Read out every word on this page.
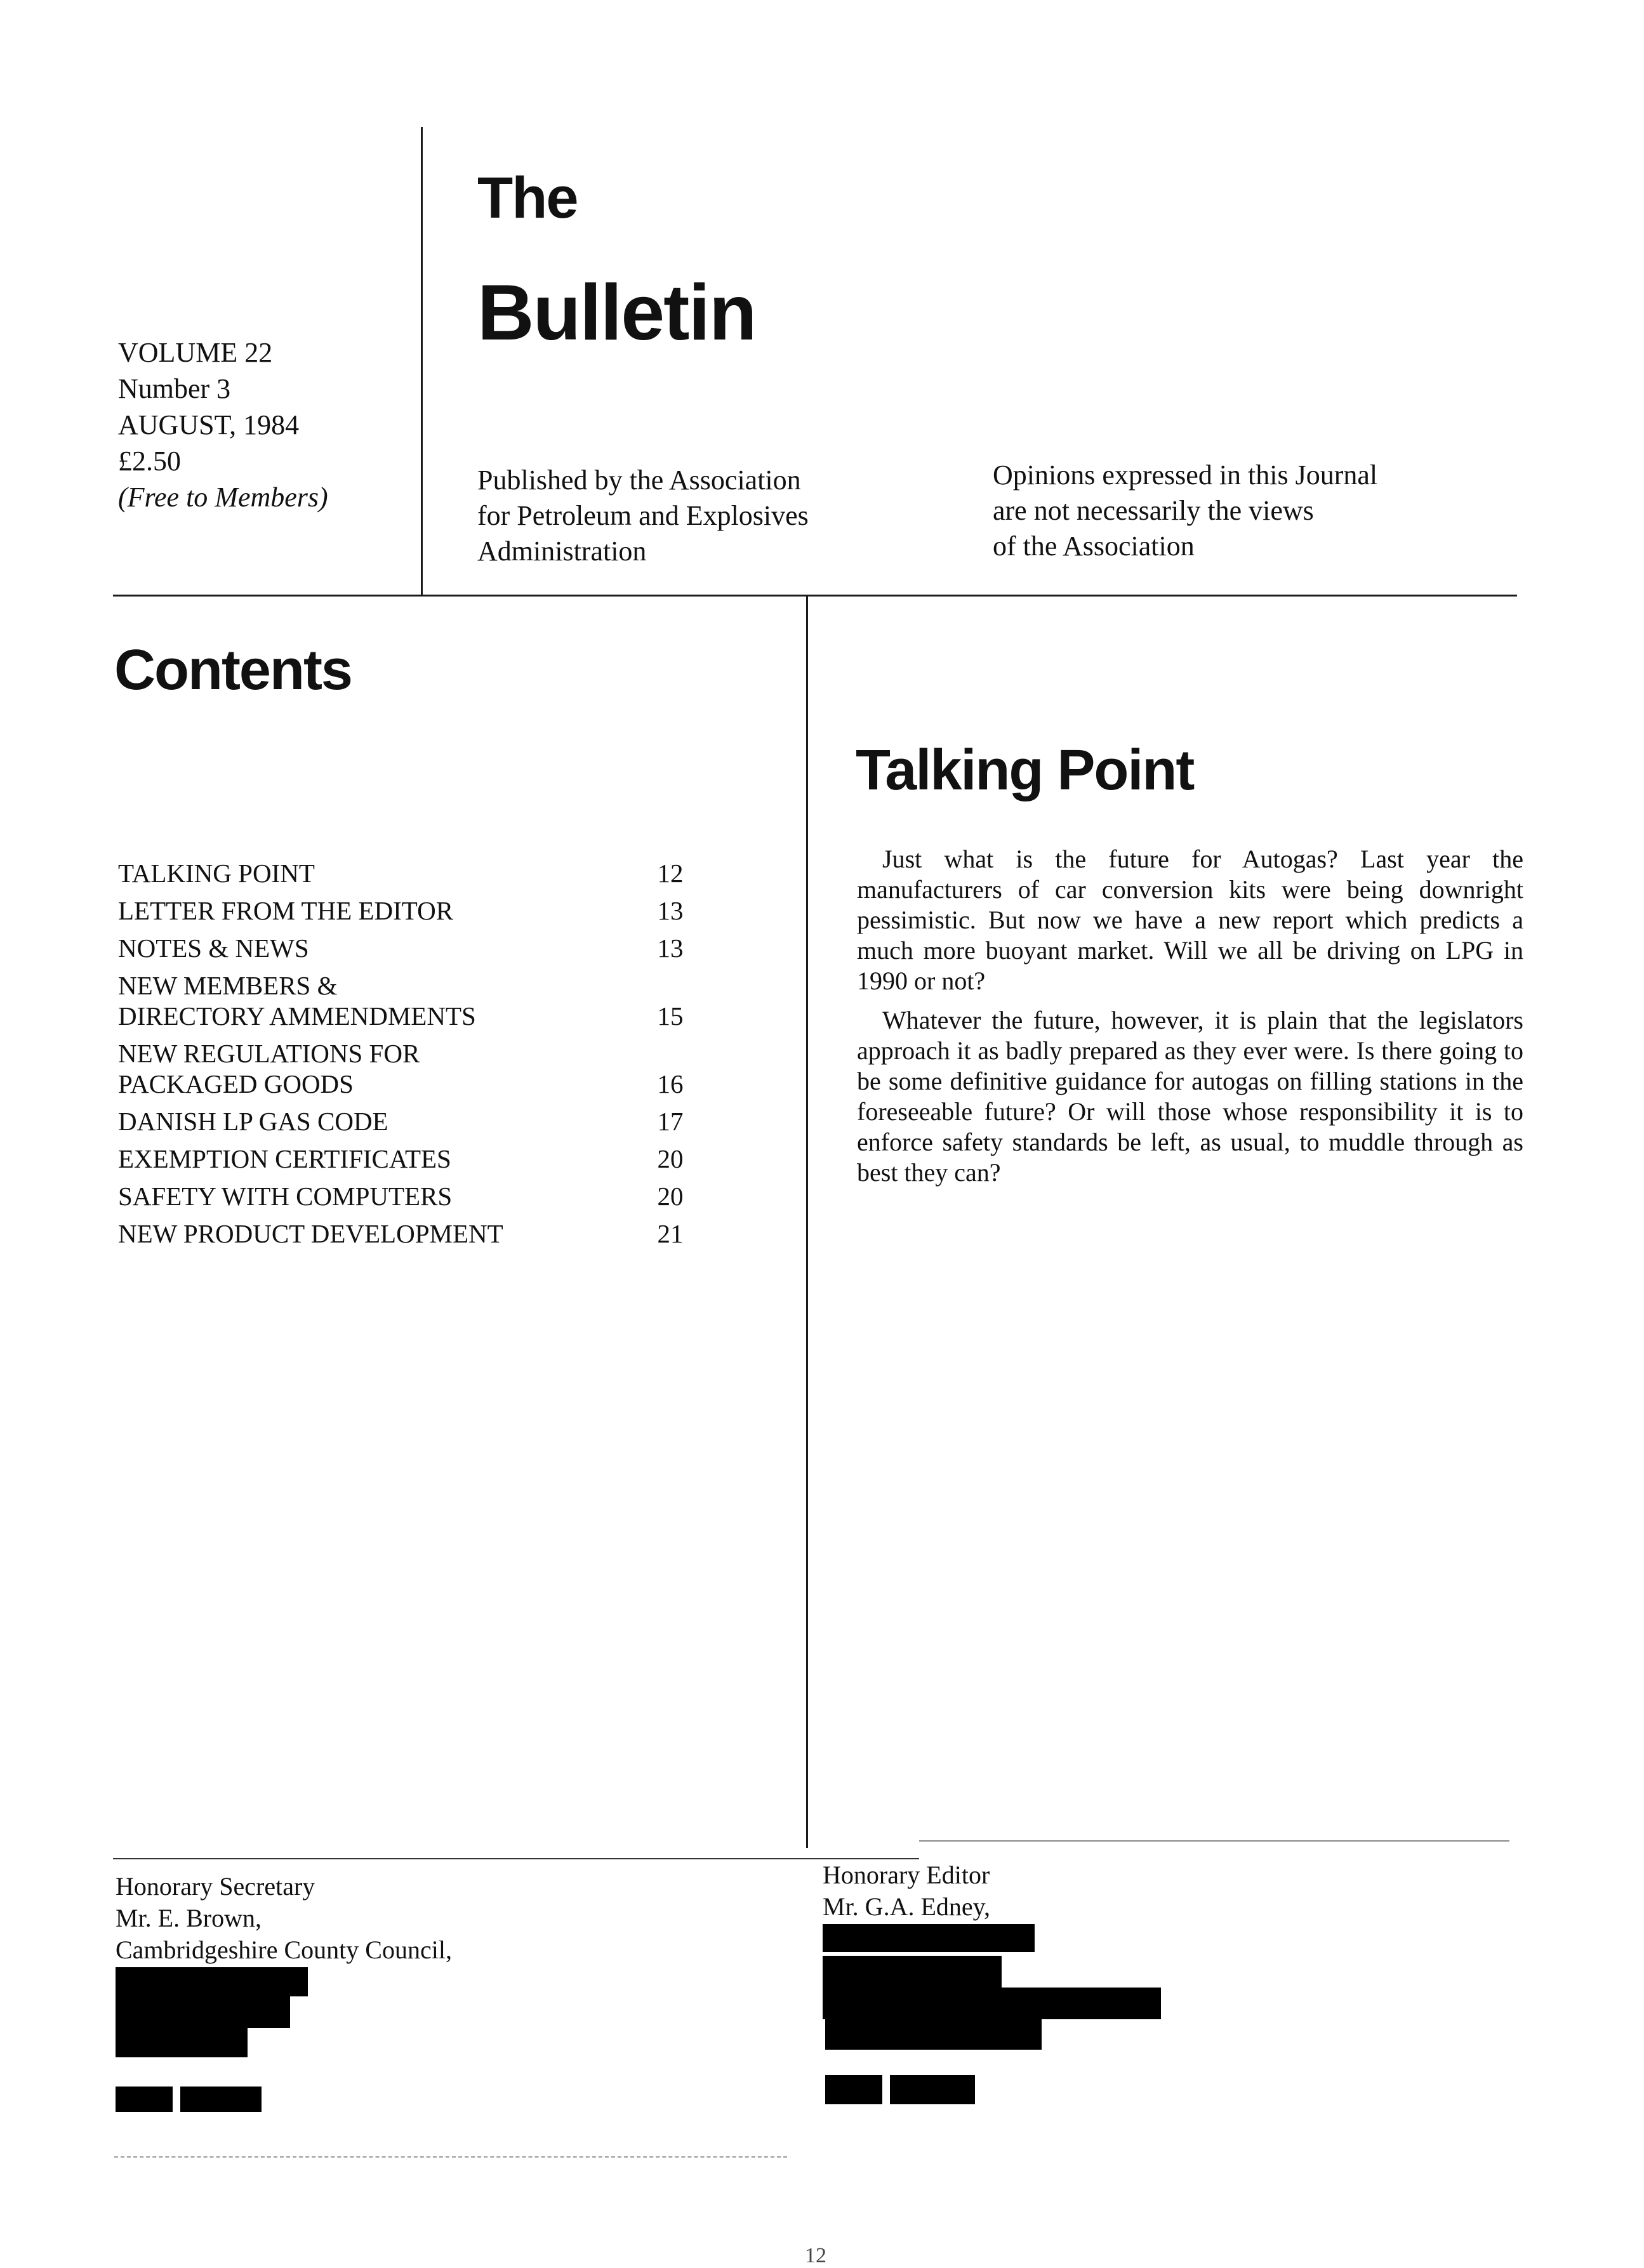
VOLUME 22
Number 3
AUGUST, 1984
£2.50
(Free to Members)
The
Bulletin
Published by the Association
for Petroleum and Explosives
Administration
Opinions expressed in this Journal
are not necessarily the views
of the Association
Contents
TALKING POINT	12
LETTER FROM THE EDITOR	13
NOTES & NEWS	13
NEW MEMBERS &
DIRECTORY AMMENDMENTS	15
NEW REGULATIONS FOR
PACKAGED GOODS	16
DANISH LP GAS CODE	17
EXEMPTION CERTIFICATES	20
SAFETY WITH COMPUTERS	20
NEW PRODUCT DEVELOPMENT	21
Talking Point

Just what is the future for Autogas? Last year the manufacturers of car conversion kits were being downright pessimistic. But now we have a new report which predicts a much more buoyant market. Will we all be driving on LPG in 1990 or not?

Whatever the future, however, it is plain that the legislators approach it as badly prepared as they ever were. Is there going to be some definitive guidance for autogas on filling stations in the foreseeable future? Or will those whose responsibility it is to enforce safety standards be left, as usual, to muddle through as best they can?

Honorary Secretary
Mr. E. Brown,
Cambridgeshire County Council,
Honorary Editor
Mr. G.A. Edney,
12
